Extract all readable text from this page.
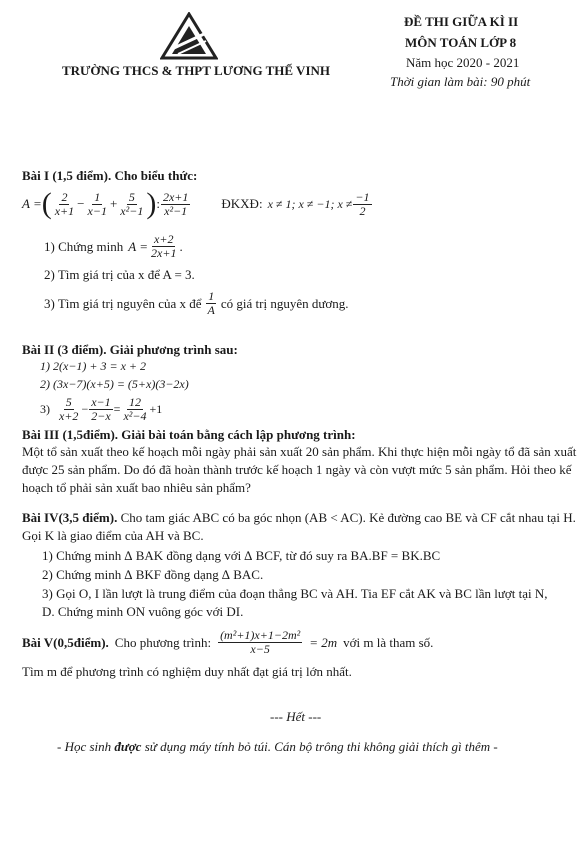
TRƯỜNG THCS & THPT LƯƠNG THẾ VINH
ĐỀ THI GIỮA KÌ II
MÔN TOÁN LỚP 8
Năm học 2020 - 2021
Thời gian làm bài: 90 phút
Bài I (1,5 điểm). Cho biểu thức:
A = ( $\frac{2}{x+1} - \frac{1}{x-1} + \frac{5}{\text{x²−1}}$ ) : $\frac{2x+1}{\text{x²−1}}$ ĐKXĐ: x ≠ 1; x ≠ −1; $x \ne \frac{-1}{2}$
1) Chứng minh $A = \frac{x+2}{2x+1}$ .
2) Tìm giá trị của x để A = 3.
3) Tìm giá trị nguyên của x để $\frac{1}{A}$ có giá trị nguyên dương.
Bài II (3 điểm). Giải phương trình sau:
1) 2(x−1) + 3 = x + 2
2) (3x−7)(x+5) = (5+x)(3−2x)
$3) \frac{5}{x+2} - \frac{x-1}{2-x} = \frac{12}{\text{x²−4}} +1$
Bài III (1,5điểm). Giải bài toán bằng cách lập phương trình:
Một tổ sản xuất theo kế hoạch mỗi ngày phải sản xuất 20 sản phẩm. Khi thực hiện mỗi ngày tổ đã sản xuất được 25 sản phẩm. Do đó đã hoàn thành trước kế hoạch 1 ngày và còn vượt mức 5 sản phẩm. Hỏi theo kế hoạch tổ phải sản xuất bao nhiêu sản phẩm?
Bài IV(3,5 điểm). Cho tam giác ABC có ba góc nhọn (AB < AC). Kẻ đường cao BE và CF cắt nhau tại H. Gọi K là giao điểm của AH và BC.
1) Chứng minh ∆ BAK đồng dạng với ∆ BCF, từ đó suy ra BA.BF = BK.BC
2) Chứng minh ∆ BKF đồng dạng ∆ BAC.
3) Gọi O, I lần lượt là trung điểm của đoạn thẳng BC và AH. Tia EF cắt AK và BC lần lượt tại N, D. Chứng minh ON vuông góc với DI.
Bài V(0,5điểm). Cho phương trình: $\frac{\text{(m²+1)x+1−2m²}}{x-5} = 2m$ với m là tham số.
Tìm m để phương trình có nghiệm duy nhất đạt giá trị lớn nhất.
--- Hết ---
- Học sinh được sử dụng máy tính bỏ túi. Cán bộ trông thi không giải thích gì thêm -
